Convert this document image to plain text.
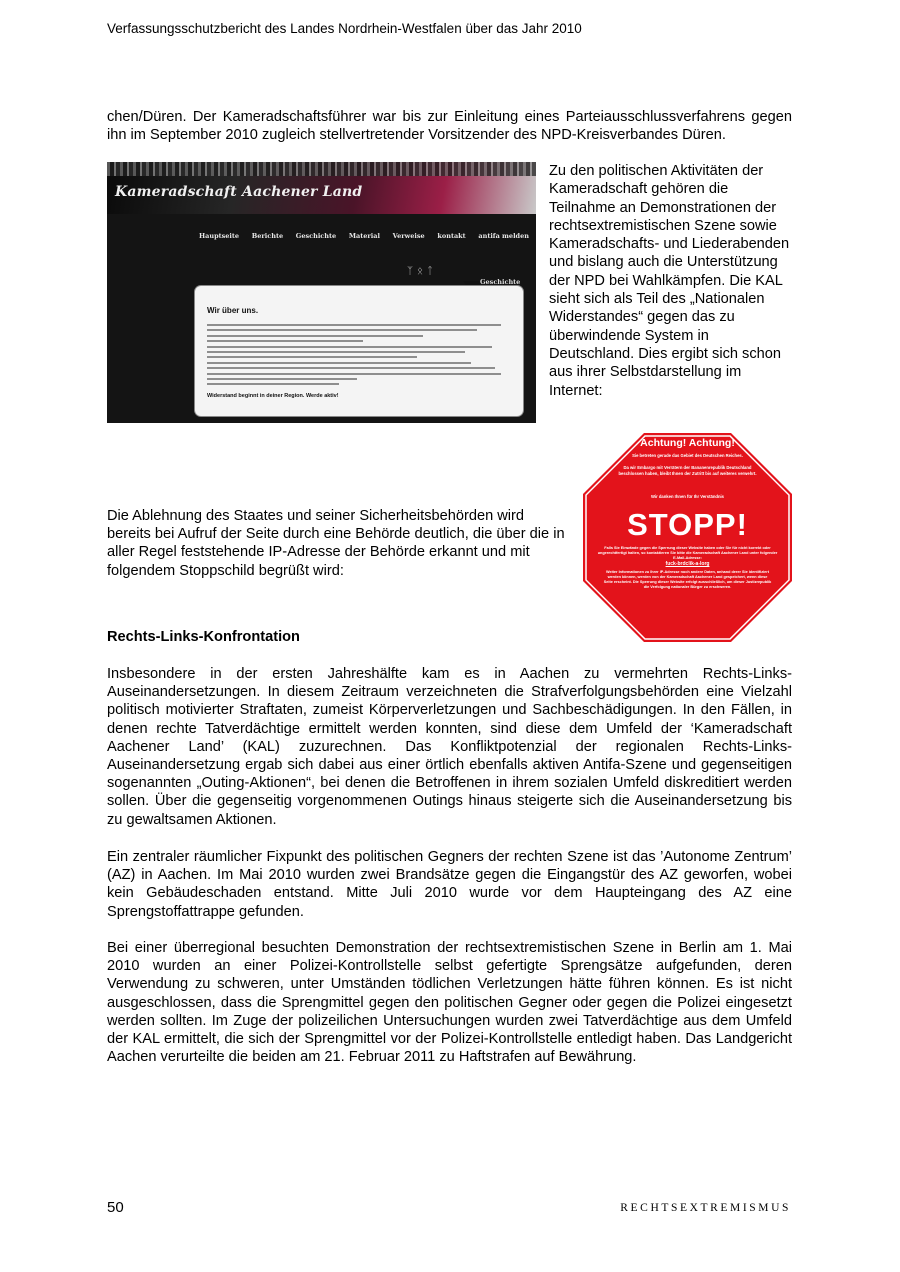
Verfassungsschutzbericht des Landes Nordrhein-Westfalen über das Jahr 2010

chen/Düren. Der Kameradschaftsführer war bis zur Einleitung eines Parteiausschlussverfahrens gegen ihn im September 2010 zugleich stellvertretender Vorsitzender des NPD-Kreisverbandes Düren.

Kameradschaft Aachener Land
Hauptseite Berichte Geschichte Material Verweise kontakt antifa melden
ᛉᛟᛏ
Geschichte
Wir über uns.
Widerstand beginnt in deiner Region. Werde aktiv!

Zu den politischen Aktivitäten der Kameradschaft gehören die Teilnahme an Demonstrationen der rechtsextremistischen Szene sowie Kameradschafts- und Liederabenden und bislang auch die Unterstützung der NPD bei Wahlkämpfen. Die KAL sieht sich als Teil des „Nationalen Widerstandes“ gegen das zu überwindende System in Deutschland. Dies ergibt sich schon aus ihrer Selbstdarstellung im Internet:

Die Ablehnung des Staates und seiner Sicherheitsbehörden wird bereits bei Aufruf der Seite durch eine Behörde deutlich, die über die in aller Regel feststehende IP-Adresse der Behörde erkannt und mit folgendem Stoppschild begrüßt wird:

Achtung! Achtung!

Sie betreten gerade das Gebiet des Deutschen Reiches.

Da wir Embargo mit Verrätern der Bananenrepublik Deutschland beschlossen haben, bleibt Ihnen der Zutritt bis auf weiteres verwehrt.

Wir danken Ihnen für Ihr Verständnis

STOPP!

Falls Sie Einwände gegen die Sperrung dieser Website haben oder Sie für nicht korrekt oder ungerechtfertigt halten, so kontaktieren Sie bitte die Kameradschaft Aachener Land unter folgender E-Mail-Adresse:

fuck-brdclik-a-lorg

Weiter Informationen zu Ihrer IP-Adresse noch andere Daten, anhand derer Sie identifiziert werden können, werden von der Kameradschaft Aachener Land gespeichert, wenn diese Seite erscheint. Die Sperrung dieser Website erfolgt ausschließlich, um dieser Justizrepublik die Verfolgung nationaler Bürger zu erschweren.

Rechts-Links-Konfrontation

Insbesondere in der ersten Jahreshälfte kam es in Aachen zu vermehrten Rechts-Links-Auseinandersetzungen. In diesem Zeitraum verzeichneten die Strafverfolgungsbehörden eine Vielzahl politisch motivierter Straftaten, zumeist Körperverletzungen und Sachbeschädigungen. In den Fällen, in denen rechte Tatverdächtige ermittelt werden konnten, sind diese dem Umfeld der ‘Kameradschaft Aachener Land’ (KAL) zuzurechnen. Das Konfliktpotenzial der regionalen Rechts-Links-Auseinandersetzung ergab sich dabei aus einer örtlich ebenfalls aktiven Antifa-Szene und gegenseitigen sogenannten „Outing-Aktionen“, bei denen die Betroffenen in ihrem sozialen Umfeld diskreditiert werden sollen. Über die gegenseitig vorgenommenen Outings hinaus steigerte sich die Auseinandersetzung bis zu gewaltsamen Aktionen.

Ein zentraler räumlicher Fixpunkt des politischen Gegners der rechten Szene ist das ’Autonome Zentrum’ (AZ) in Aachen. Im Mai 2010 wurden zwei Brandsätze gegen die Eingangstür des AZ geworfen, wobei kein Gebäudeschaden entstand. Mitte Juli 2010 wurde vor dem Haupteingang des AZ eine Sprengstoffattrappe gefunden.

Bei einer überregional besuchten Demonstration der rechtsextremistischen Szene in Berlin am 1. Mai 2010 wurden an einer Polizei-Kontrollstelle selbst gefertigte Sprengsätze aufgefunden, deren Verwendung zu schweren, unter Umständen tödlichen Verletzungen hätte führen können. Es ist nicht ausgeschlossen, dass die Sprengmittel gegen den politischen Gegner oder gegen die Polizei eingesetzt werden sollten. Im Zuge der polizeilichen Untersuchungen wurden zwei Tatverdächtige aus dem Umfeld der KAL ermittelt, die sich der Sprengmittel vor der Polizei-Kontrollstelle entledigt haben. Das Landgericht Aachen verurteilte die beiden am 21. Februar 2011 zu Haftstrafen auf Bewährung.

50	RECHTSEXTREMISMUS
